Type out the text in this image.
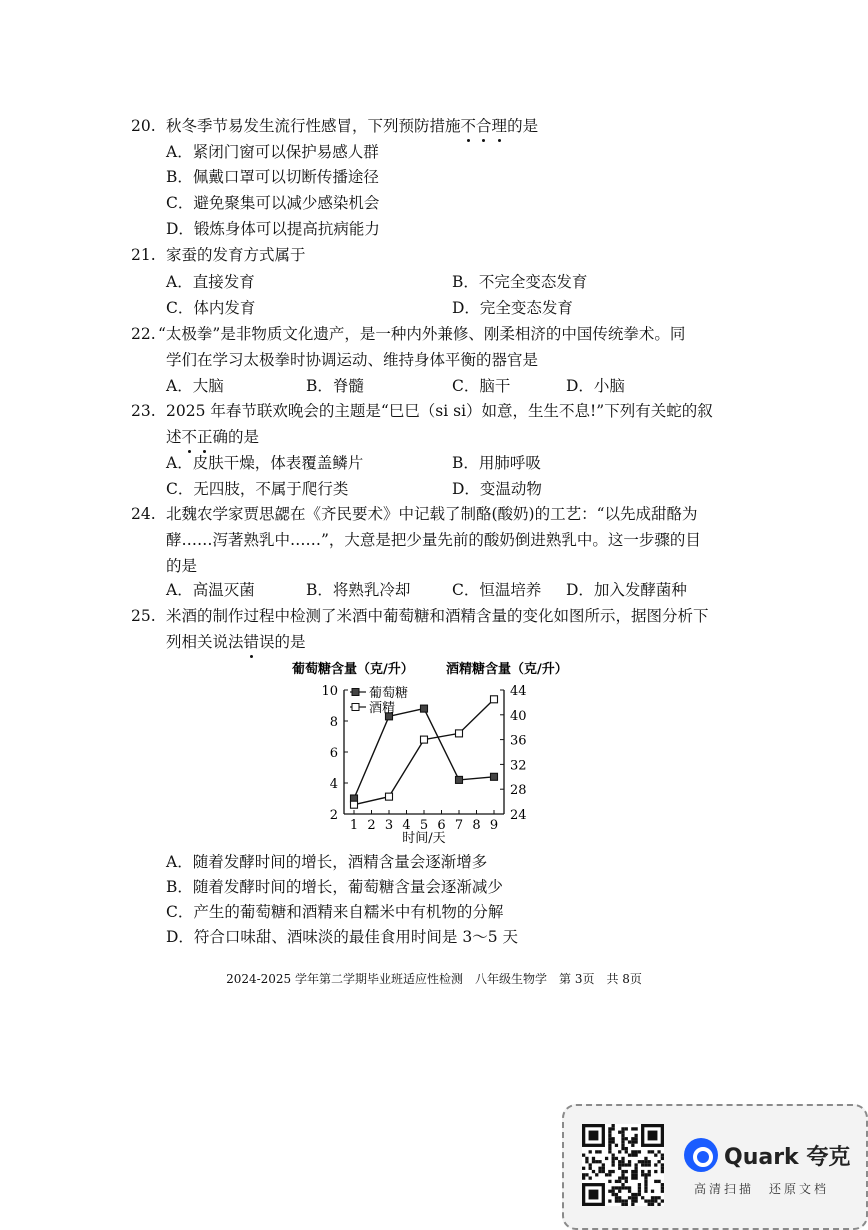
20. 秋冬季节易发生流行性感冒，下列预防措施不合理的是
A．紧闭门窗可以保护易感人群
B．佩戴口罩可以切断传播途径
C．避免聚集可以减少感染机会
D．锻炼身体可以提高抗病能力
21. 家蚕的发育方式属于
A．直接发育	B．不完全变态发育
C．体内发育	D．完全变态发育
22. “太极拳”是非物质文化遗产，是一种内外兼修、刚柔相济的中国传统拳术。同
学们在学习太极拳时协调运动、维持身体平衡的器官是
A．大脑	B．脊髓	C．脑干	D．小脑
23. 2025 年春节联欢晚会的主题是“巳巳（si si）如意，生生不息!”下列有关蛇的叙
述不正确的是
A．皮肤干燥，体表覆盖鳞片	B．用肺呼吸
C．无四肢，不属于爬行类	D．变温动物
24. 北魏农学家贾思勰在《齐民要术》中记载了制酪(酸奶)的工艺：“以先成甜酪为
酵……泻著熟乳中……”，大意是把少量先前的酸奶倒进熟乳中。这一步骤的目
的是
A．高温灭菌	B．将熟乳冷却	C．恒温培养 D．加入发酵菌种
25. 米酒的制作过程中检测了米酒中葡萄糖和酒精含量的变化如图所示，据图分析下
列相关说法错误的是
葡萄糖含量（克/升） 酒精糖含量（克/升）
2
4
6
8
10
24
28
32
36
40
44
1 2 3 4 5 6 7 8 9
葡萄糖
酒精
时间/天
A．随着发酵时间的增长，酒精含量会逐渐增多
B．随着发酵时间的增长，葡萄糖含量会逐渐减少
C．产生的葡萄糖和酒精来自糯米中有机物的分解
D．符合口味甜、酒味淡的最佳食用时间是 3～5 天
2024-2025 学年第二学期毕业班适应性检测　八年级生物学　第 3页　共 8页
Quark 夸克
高清扫描　还原文档
